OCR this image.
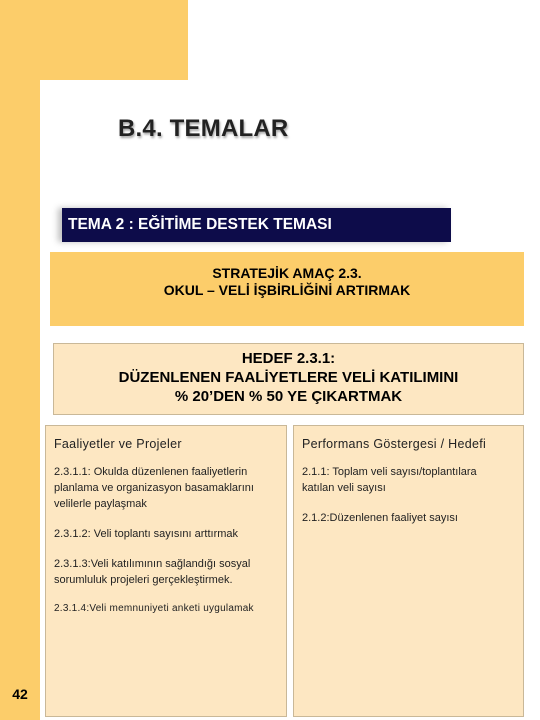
42
B.4. TEMALAR
TEMA 2 : EĞİTİME DESTEK TEMASI
STRATEJİK AMAÇ 2.3.
OKUL – VELİ İŞBİRLİĞİNİ ARTIRMAK
HEDEF 2.3.1:
DÜZENLENEN FAALİYETLERE VELİ KATILIMINI
% 20’DEN % 50 YE ÇIKARTMAK
Faaliyetler ve Projeler
2.3.1.1: Okulda düzenlenen faaliyetlerin planlama ve organizasyon basamaklarını velilerle paylaşmak
2.3.1.2: Veli toplantı sayısını arttırmak
2.3.1.3:Veli katılımının sağlandığı sosyal sorumluluk projeleri gerçekleştirmek.
2.3.1.4:Veli memnuniyeti anketi uygulamak
Performans Göstergesi / Hedefi
2.1.1: Toplam veli sayısı/toplantılara katılan veli sayısı
2.1.2:Düzenlenen faaliyet sayısı
